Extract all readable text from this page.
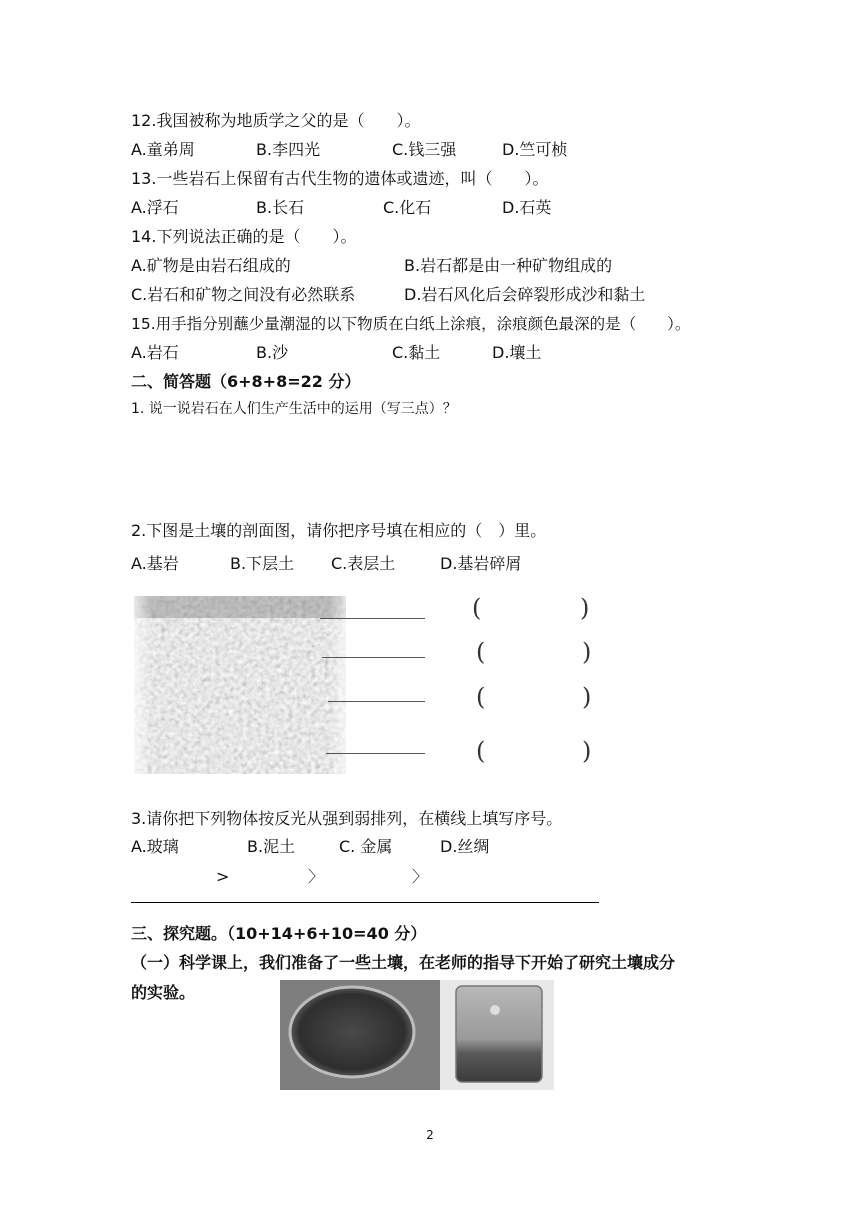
12.我国被称为地质学之父的是（　　）。
A.童弟周	B.李四光	C.钱三强	D.竺可桢
13.一些岩石上保留有古代生物的遗体或遗迹，叫（　　）。
A.浮石	B.长石	C.化石	D.石英
14.下列说法正确的是（　　）。
A.矿物是由岩石组成的	B.岩石都是由一种矿物组成的
C.岩石和矿物之间没有必然联系	D.岩石风化后会碎裂形成沙和黏土
15.用手指分别蘸少量潮湿的以下物质在白纸上涂痕，涂痕颜色最深的是（　　）。
A.岩石	B.沙	C.黏土	D.壤土
二、简答题（6+8+8=22 分）
1. 说一说岩石在人们生产生活中的运用（写三点）？
2.下图是土壤的剖面图，请你把序号填在相应的（　）里。
A.基岩	B.下层土 C.表层土	D.基岩碎屑
(	)
(	)
(	)
(	)
3.请你把下列物体按反光从强到弱排列，在横线上填写序号。
A.玻璃	B.泥土	C. 金属	D.丝绸
>	〉	〉
三、探究题。（10+14+6+10=40 分）
（一）科学课上，我们准备了一些土壤，在老师的指导下开始了研究土壤成分
的实验。
2
